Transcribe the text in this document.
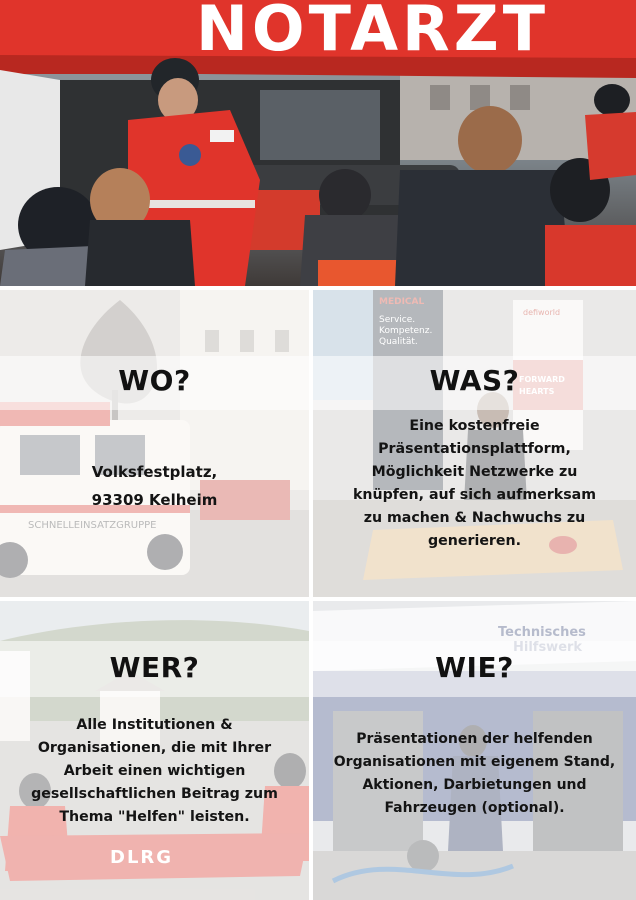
NOTARZT
WO?
Volksfestplatz,
93309 Kelheim
WAS?
Eine kostenfreie
Präsentationsplattform,
Möglichkeit Netzwerke zu
knüpfen, auf sich aufmerksam
zu machen & Nachwuchs zu
generieren.
WER?
Alle Institutionen &
Organisationen, die mit Ihrer
Arbeit einen wichtigen
gesellschaftlichen Beitrag zum
Thema "Helfen" leisten.
WIE?
Präsentationen der helfenden
Organisationen mit eigenem Stand,
Aktionen, Darbietungen und
Fahrzeugen (optional).
